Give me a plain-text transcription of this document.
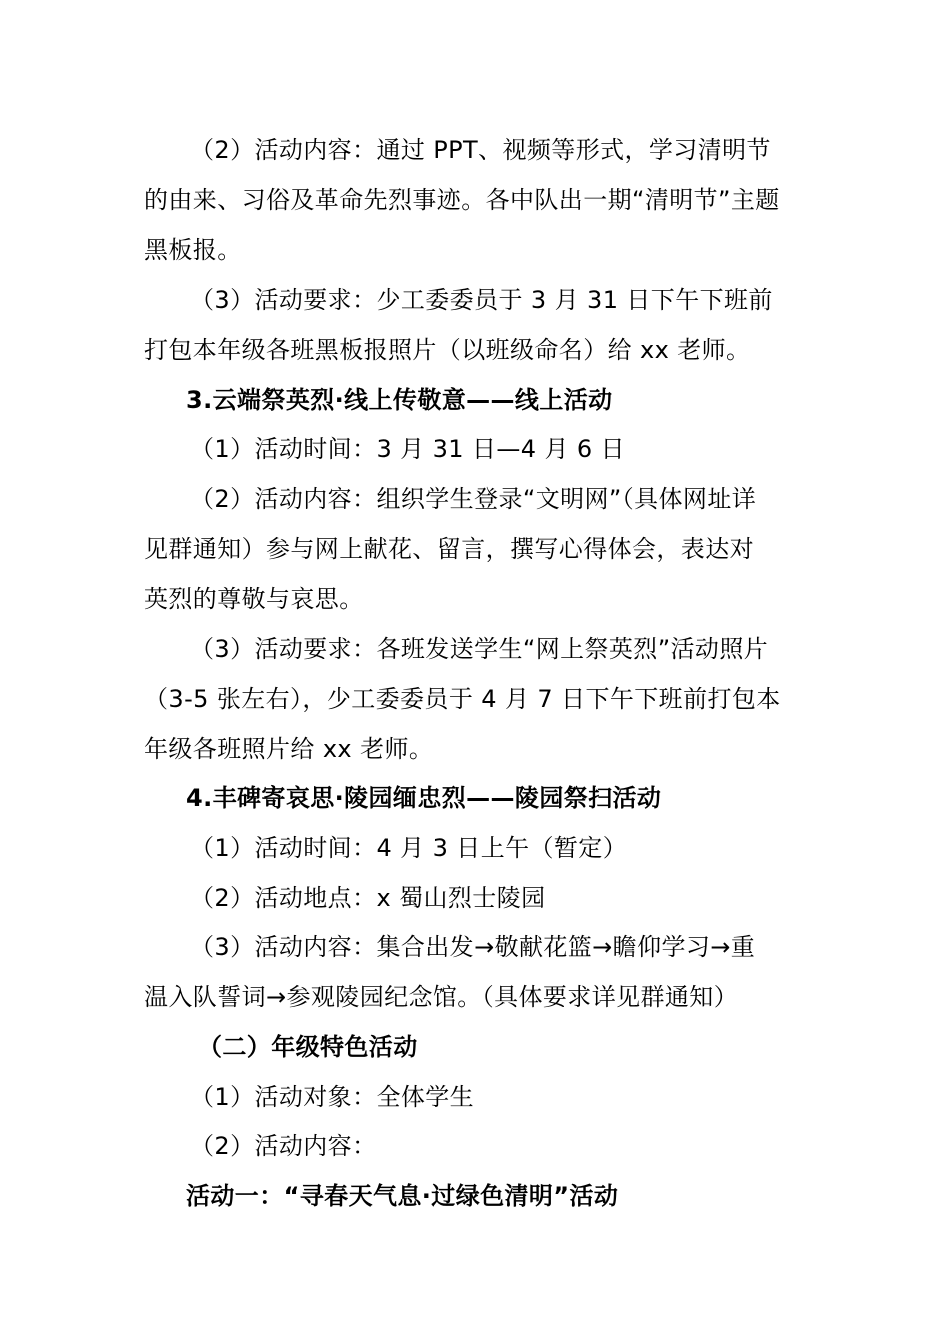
（2）活动内容：通过 PPT、视频等形式，学习清明节
的由来、习俗及革命先烈事迹。各中队出一期“清明节”主题
黑板报。
（3）活动要求：少工委委员于 3 月 31 日下午下班前
打包本年级各班黑板报照片（以班级命名）给 xx 老师。
3.云端祭英烈·线上传敬意——线上活动
（1）活动时间：3 月 31 日—4 月 6 日
（2）活动内容：组织学生登录“文明网”（具体网址详
见群通知）参与网上献花、留言，撰写心得体会，表达对
英烈的尊敬与哀思。
（3）活动要求：各班发送学生“网上祭英烈”活动照片
（3-5 张左右），少工委委员于 4 月 7 日下午下班前打包本
年级各班照片给 xx 老师。
4.丰碑寄哀思·陵园缅忠烈——陵园祭扫活动
（1）活动时间：4 月 3 日上午（暂定）
（2）活动地点：x 蜀山烈士陵园
（3）活动内容：集合出发→敬献花篮→瞻仰学习→重
温入队誓词→参观陵园纪念馆。（具体要求详见群通知）
（二）年级特色活动
（1）活动对象：全体学生
（2）活动内容：
活动一：“寻春天气息·过绿色清明”活动
